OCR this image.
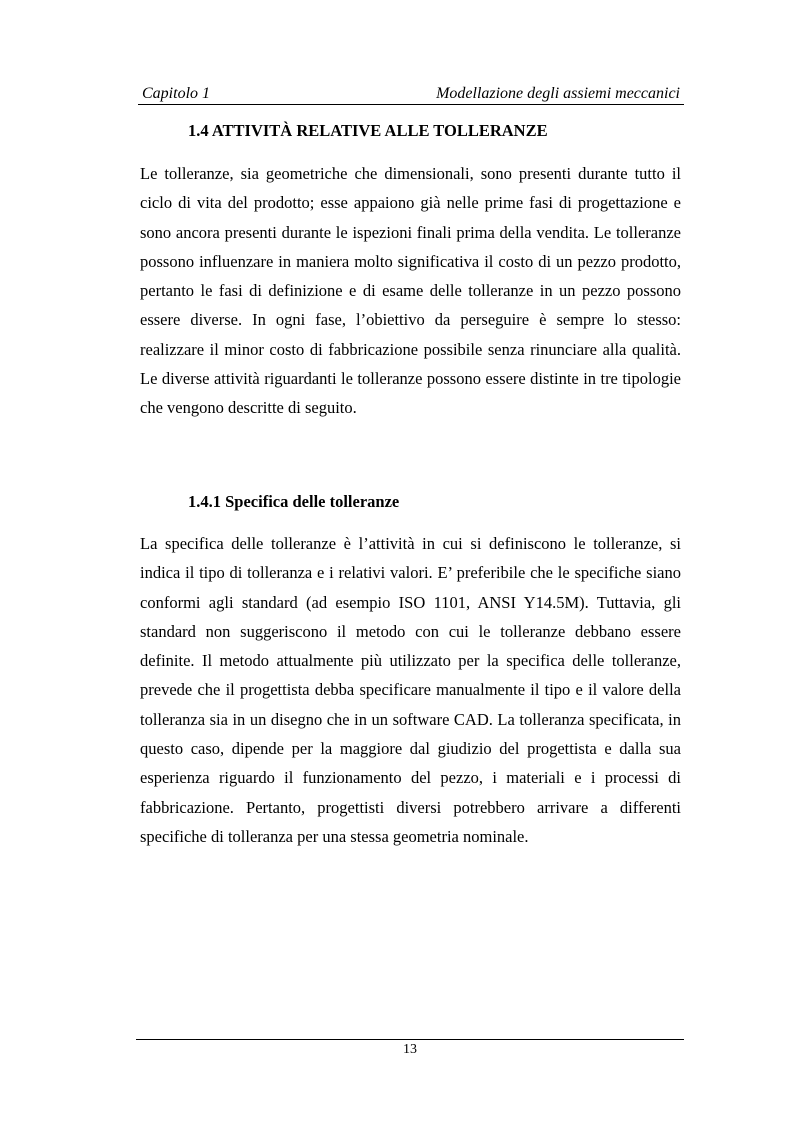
Capitolo 1	Modellazione degli assiemi meccanici
1.4 ATTIVITÀ RELATIVE ALLE TOLLERANZE

Le tolleranze, sia geometriche che dimensionali, sono presenti durante tutto il ciclo di vita del prodotto; esse appaiono già nelle prime fasi di progettazione e sono ancora presenti durante le ispezioni finali prima della vendita. Le tolleranze possono influenzare in maniera molto significativa il costo di un pezzo prodotto, pertanto le fasi di definizione e di esame delle tolleranze in un pezzo possono essere diverse. In ogni fase, l’obiettivo da perseguire è sempre lo stesso: realizzare il minor costo di fabbricazione possibile senza rinunciare alla qualità. Le diverse attività riguardanti le tolleranze possono essere distinte in tre tipologie che vengono descritte di seguito.

1.4.1 Specifica delle tolleranze

La specifica delle tolleranze è l’attività in cui si definiscono le tolleranze, si indica il tipo di tolleranza e i relativi valori. E’ preferibile che le specifiche siano conformi agli standard (ad esempio ISO 1101, ANSI Y14.5M). Tuttavia, gli standard non suggeriscono il metodo con cui le tolleranze debbano essere definite. Il metodo attualmente più utilizzato per la specifica delle tolleranze, prevede che il progettista debba specificare manualmente il tipo e il valore della tolleranza sia in un disegno che in un software CAD. La tolleranza specificata, in questo caso, dipende per la maggiore dal giudizio del progettista e dalla sua esperienza riguardo il funzionamento del pezzo, i materiali e i processi di fabbricazione. Pertanto, progettisti diversi potrebbero arrivare a differenti specifiche di tolleranza per una stessa geometria nominale.

13
